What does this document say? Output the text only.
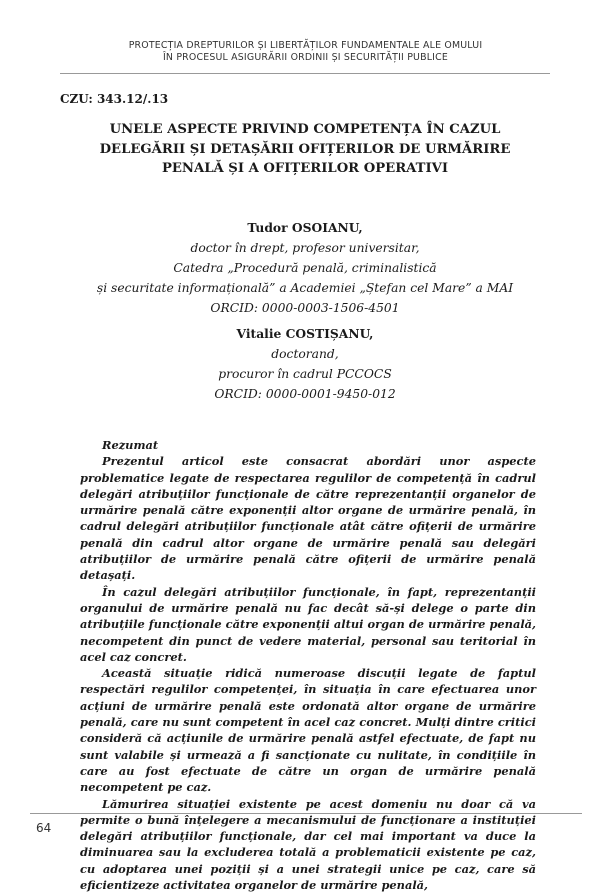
PROTECȚIA DREPTURILOR ȘI LIBERTĂȚILOR FUNDAMENTALE ALE OMULUI
ÎN PROCESUL ASIGURĂRII ORDINII ȘI SECURITĂȚII PUBLICE
CZU: 343.12/.13
UNELE ASPECTE PRIVIND COMPETENȚA ÎN CAZUL
DELEGĂRII ȘI DETAȘĂRII OFIȚERILOR DE URMĂRIRE
PENALĂ ȘI A OFIȚERILOR OPERATIVI
Tudor OSOIANU,
doctor în drept, profesor universitar,
Catedra „Procedură penală, criminalistică
și securitate informațională” a Academiei „Ștefan cel Mare” a MAI
ORCID: 0000-0003-1506-4501
Vitalie COSTIȘANU,
doctorand,
procuror în cadrul PCCOCS
ORCID: 0000-0001-9450-012

Rezumat

Prezentul articol este consacrat abordări unor aspecte problematice legate de respectarea regulilor de competență în cadrul delegări atribuțiilor funcționale de către reprezentanții organelor de urmărire penală către exponenții altor organe de urmărire penală, în cadrul delegări atribuțiilor funcționale atât către ofițerii de urmărire penală din cadrul altor organe de urmărire penală sau delegări atribuțiilor de urmărire penală către ofițerii de urmărire penală detașați.

În cazul delegări atribuțiilor funcționale, în fapt, reprezentanții organului de urmărire penală nu fac decât să-și delege o parte din atribuțiile funcționale către exponenții altui organ de urmărire penală, necompetent din punct de vedere material, personal sau teritorial în acel caz concret.

Această situație ridică numeroase discuții legate de faptul respectări regulilor competenței, în situația în care efectuarea unor acțiuni de urmărire penală este ordonată altor organe de urmărire penală, care nu sunt competent în acel caz concret. Mulți dintre critici consideră că acțiunile de urmărire penală astfel efectuate, de fapt nu sunt valabile și urmează a fi sancționate cu nulitate, în condițiile în care au fost efectuate de către un organ de urmărire penală necompetent pe caz.

Lămurirea situației existente pe acest domeniu nu doar că va permite o bună înțelegere a mecanismului de funcționare a instituției delegări atribuțiilor funcționale, dar cel mai important va duce la diminuarea sau la excluderea totală a problematicii existente pe caz, cu adoptarea unei poziții și a unei strategii unice pe caz, care să eficientizeze activitatea organelor de urmărire penală,

64
